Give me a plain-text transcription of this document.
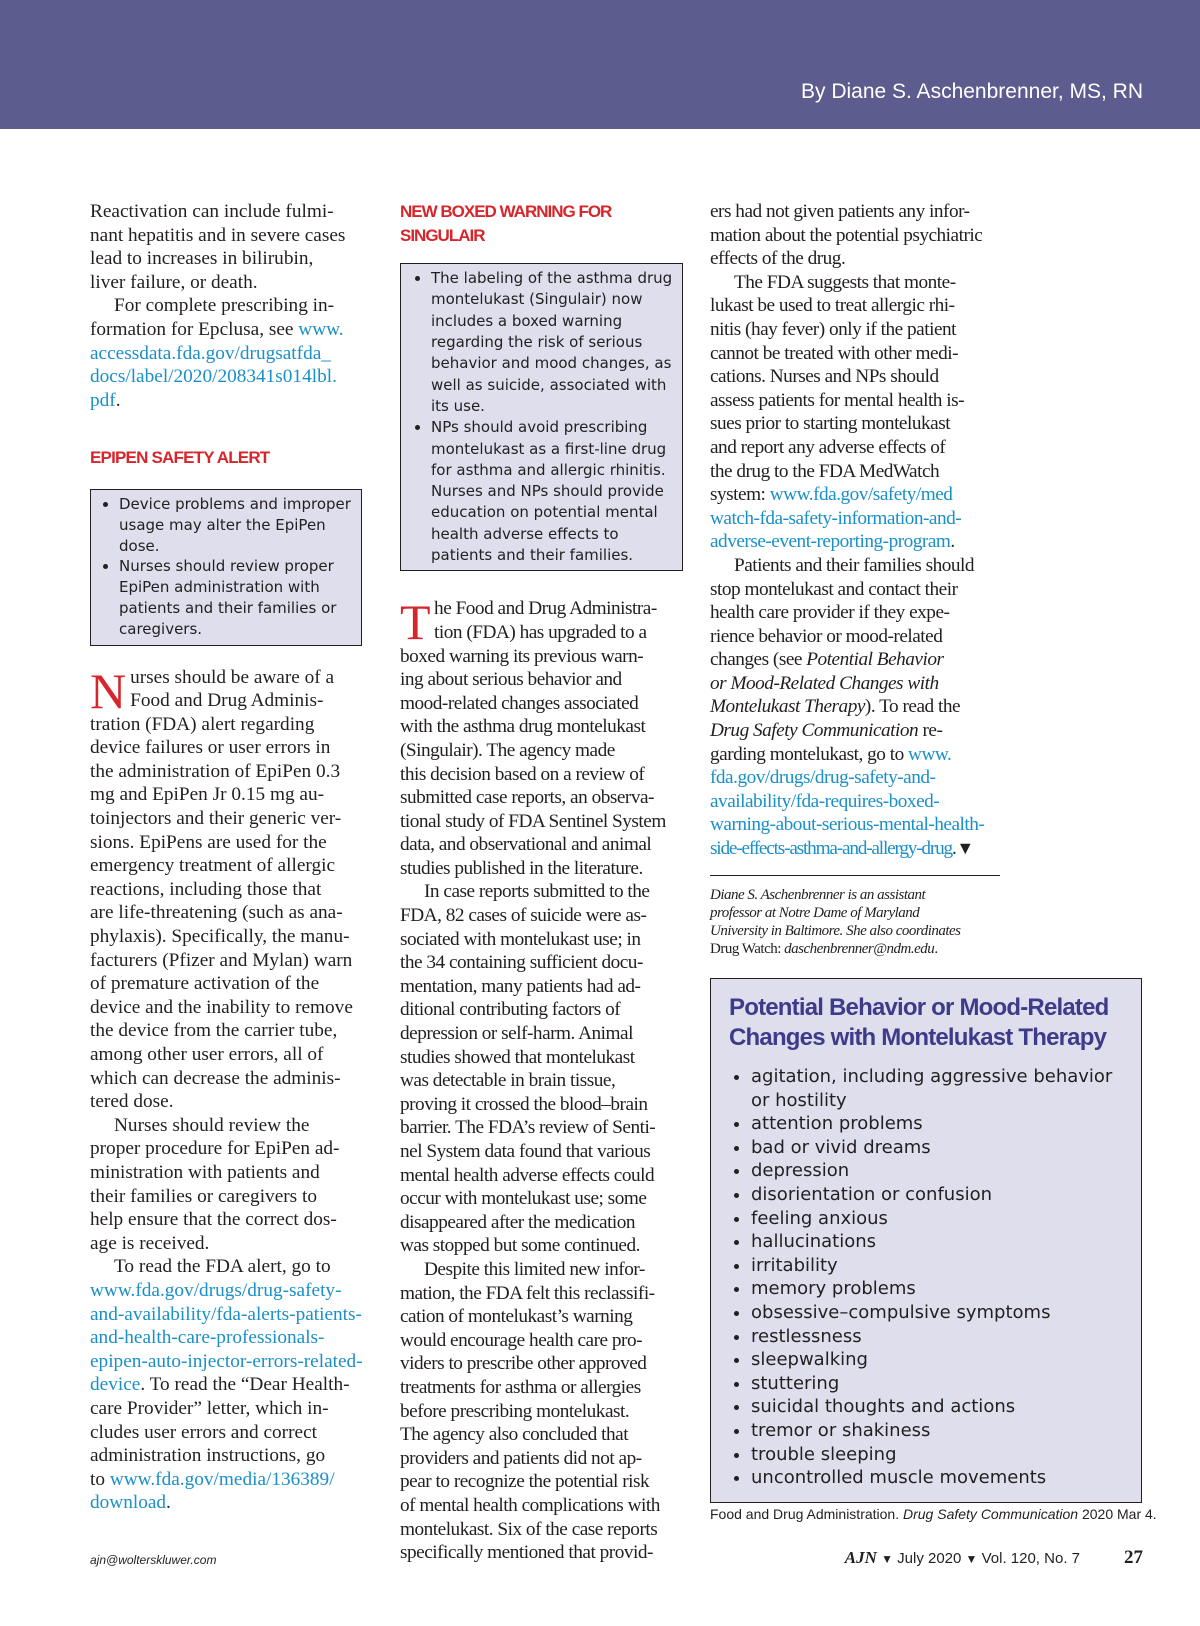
By Diane S. Aschenbrenner, MS, RN

Reactivation can include fulmi-
nant hepatitis and in severe cases
lead to increases in bilirubin,
liver failure, or death.

For complete prescribing in-
formation for Epclusa, see www.
accessdata.fda.gov/drugsatfda_
docs/label/2020/208341s014lbl.
pdf.

EPIPEN SAFETY ALERT
• Device problems and improper usage may alter the EpiPen dose.
• Nurses should review proper EpiPen administration with patients and their families or caregivers.

Nurses should be aware of a
Food and Drug Adminis-
tration (FDA) alert regarding
device failures or user errors in
the administration of EpiPen 0.3
mg and EpiPen Jr 0.15 mg au-
toinjectors and their generic ver-
sions. EpiPens are used for the
emergency treatment of allergic
reactions, including those that
are life-threatening (such as ana-
phylaxis). Specifically, the manu-
facturers (Pfizer and Mylan) warn
of premature activation of the
device and the inability to remove
the device from the carrier tube,
among other user errors, all of
which can decrease the adminis-
tered dose.

Nurses should review the
proper procedure for EpiPen ad-
ministration with patients and
their families or caregivers to
help ensure that the correct dos-
age is received.

To read the FDA alert, go to
www.fda.gov/drugs/drug-safety-
and-availability/fda-alerts-patients-
and-health-care-professionals-
epipen-auto-injector-errors-related-
device. To read the “Dear Health-
care Provider” letter, which in-
cludes user errors and correct
administration instructions, go
to www.fda.gov/media/136389/
download.

NEW BOXED WARNING FOR SINGULAIR
• The labeling of the asthma drug montelukast (Singulair) now includes a boxed warning regarding the risk of serious behavior and mood changes, as well as suicide, associated with its use.
• NPs should avoid prescribing montelukast as a first-line drug for asthma and allergic rhinitis. Nurses and NPs should provide education on potential mental health adverse effects to patients and their families.

The Food and Drug Administra-
tion (FDA) has upgraded to a
boxed warning its previous warn-
ing about serious behavior and
mood-related changes associated
with the asthma drug montelukast
(Singulair). The agency made
this decision based on a review of
submitted case reports, an observa-
tional study of FDA Sentinel System
data, and observational and animal
studies published in the literature.

In case reports submitted to the
FDA, 82 cases of suicide were as-
sociated with montelukast use; in
the 34 containing sufficient docu-
mentation, many patients had ad-
ditional contributing factors of
depression or self-harm. Animal
studies showed that montelukast
was detectable in brain tissue,
proving it crossed the blood–brain
barrier. The FDA’s review of Senti-
nel System data found that various
mental health adverse effects could
occur with montelukast use; some
disappeared after the medication
was stopped but some continued.

Despite this limited new infor-
mation, the FDA felt this reclassifi-
cation of montelukast’s warning
would encourage health care pro-
viders to prescribe other approved
treatments for asthma or allergies
before prescribing montelukast.
The agency also concluded that
providers and patients did not ap-
pear to recognize the potential risk
of mental health complications with
montelukast. Six of the case reports
specifically mentioned that provid-

ers had not given patients any infor-
mation about the potential psychiatric
effects of the drug.

The FDA suggests that monte-
lukast be used to treat allergic rhi-
nitis (hay fever) only if the patient
cannot be treated with other medi-
cations. Nurses and NPs should
assess patients for mental health is-
sues prior to starting montelukast
and report any adverse effects of
the drug to the FDA MedWatch
system: www.fda.gov/safety/med
watch-fda-safety-information-and-
adverse-event-reporting-program.

Patients and their families should
stop montelukast and contact their
health care provider if they expe-
rience behavior or mood-related
changes (see Potential Behavior
or Mood-Related Changes with
Montelukast Therapy). To read the
Drug Safety Communication re-
garding montelukast, go to www.
fda.gov/drugs/drug-safety-and-
availability/fda-requires-boxed-
warning-about-serious-mental-health-
side-effects-asthma-and-allergy-drug.▼

Diane S. Aschenbrenner is an assistant
professor at Notre Dame of Maryland
University in Baltimore. She also coordinates
Drug Watch: daschenbrenner@ndm.edu.
Potential Behavior or Mood-Related
Changes with Montelukast Therapy
• agitation, including aggressive behavior or hostility
• attention problems
• bad or vivid dreams
• depression
• disorientation or confusion
• feeling anxious
• hallucinations
• irritability
• memory problems
• obsessive–compulsive symptoms
• restlessness
• sleepwalking
• stuttering
• suicidal thoughts and actions
• tremor or shakiness
• trouble sleeping
• uncontrolled muscle movements
Food and Drug Administration. Drug Safety Communication 2020 Mar 4.
ajn@wolterskluwer.com	AJN ▼ July 2020 ▼ Vol. 120, No. 7 27
